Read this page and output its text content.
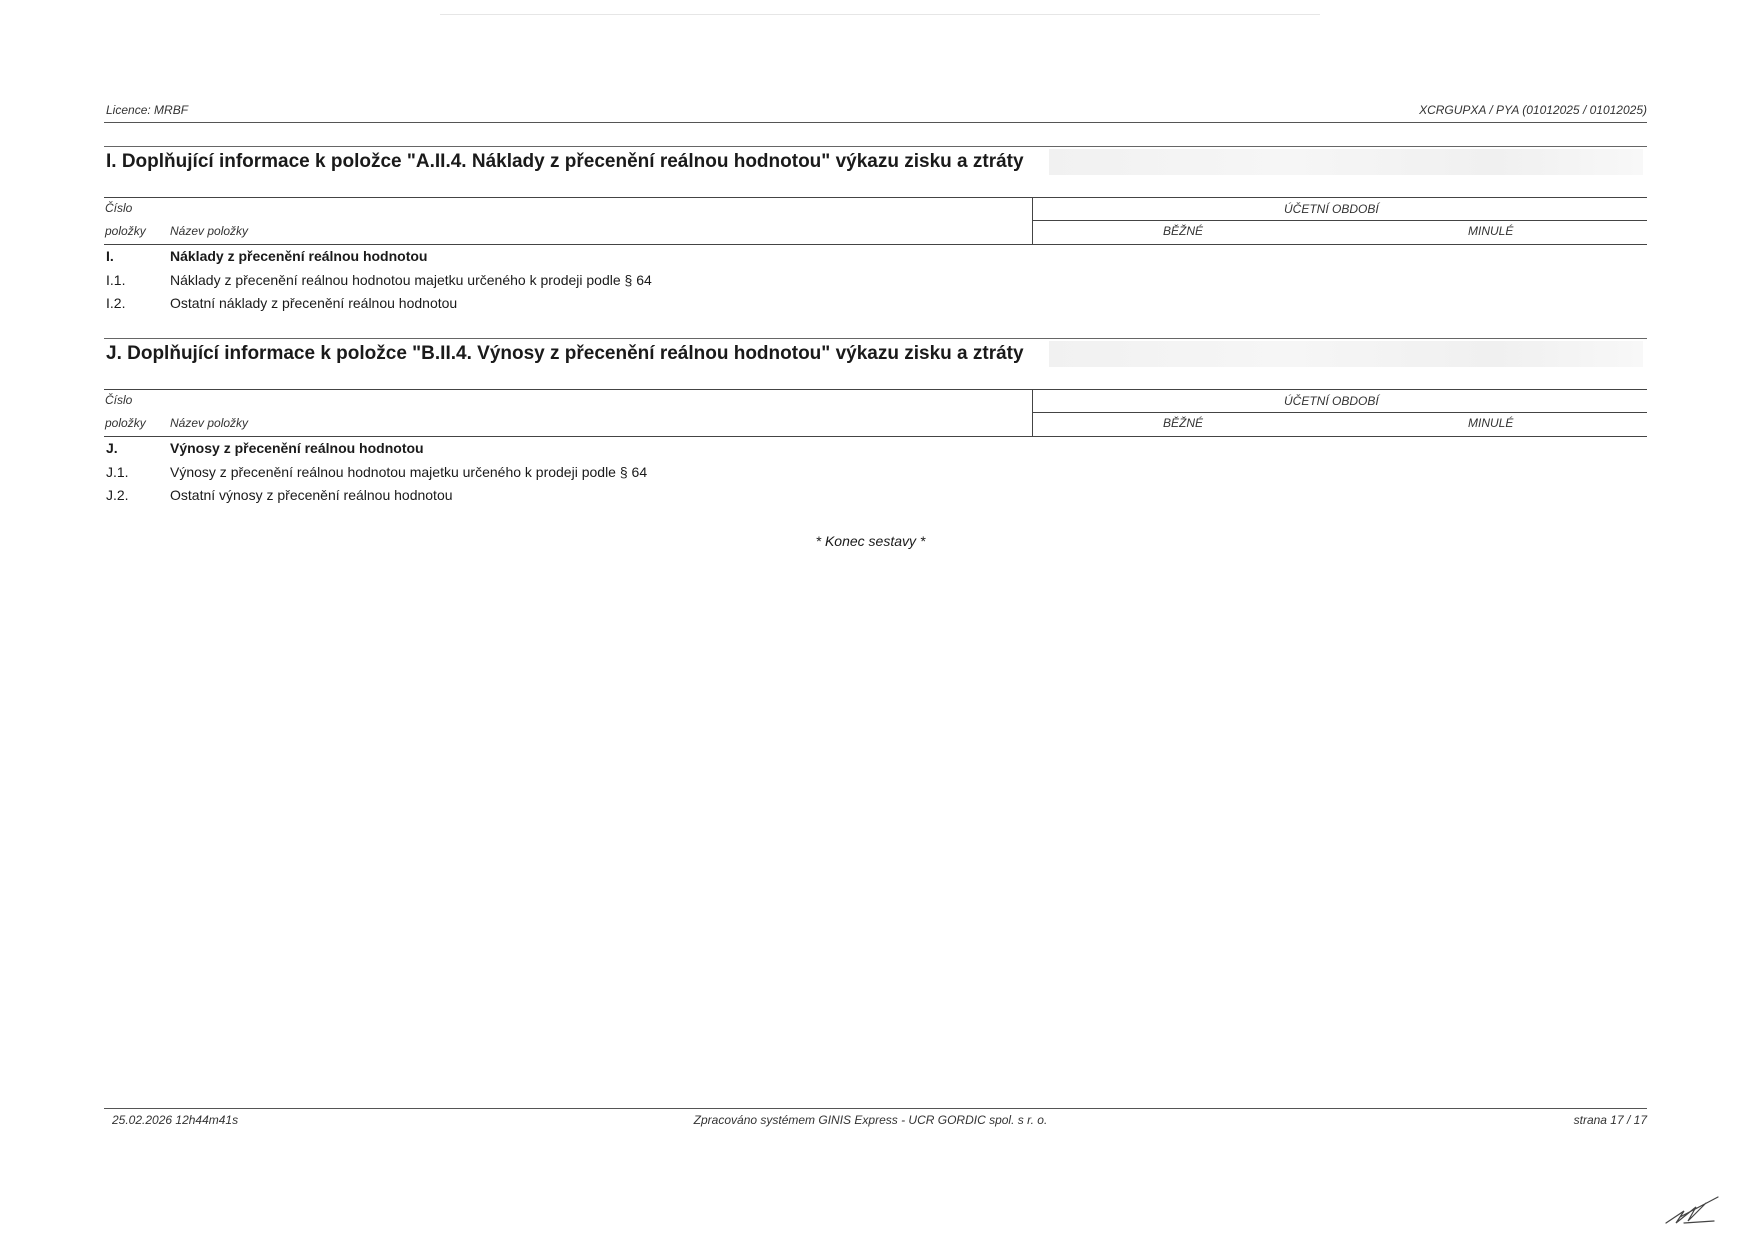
Licence: MRBF	XCRGUPXA / PYA (01012025 / 01012025)
I. Doplňující informace k položce "A.II.4. Náklady z přecenění reálnou hodnotou" výkazu zisku a ztráty
Číslo
položky Název položky
ÚČETNÍ OBDOBÍ
BĚŽNÉ	MINULÉ
I.	Náklady z přecenění reálnou hodnotou
I.1.	Náklady z přecenění reálnou hodnotou majetku určeného k prodeji podle § 64
I.2.	Ostatní náklady z přecenění reálnou hodnotou
J. Doplňující informace k položce "B.II.4. Výnosy z přecenění reálnou hodnotou" výkazu zisku a ztráty
Číslo
položky Název položky
ÚČETNÍ OBDOBÍ
BĚŽNÉ	MINULÉ
J.	Výnosy z přecenění reálnou hodnotou
J.1.	Výnosy z přecenění reálnou hodnotou majetku určeného k prodeji podle § 64
J.2.	Ostatní výnosy z přecenění reálnou hodnotou
* Konec sestavy *
25.02.2026 12h44m41s	Zpracováno systémem GINIS Express - UCR GORDIC spol. s r. o.	strana 17 / 17
